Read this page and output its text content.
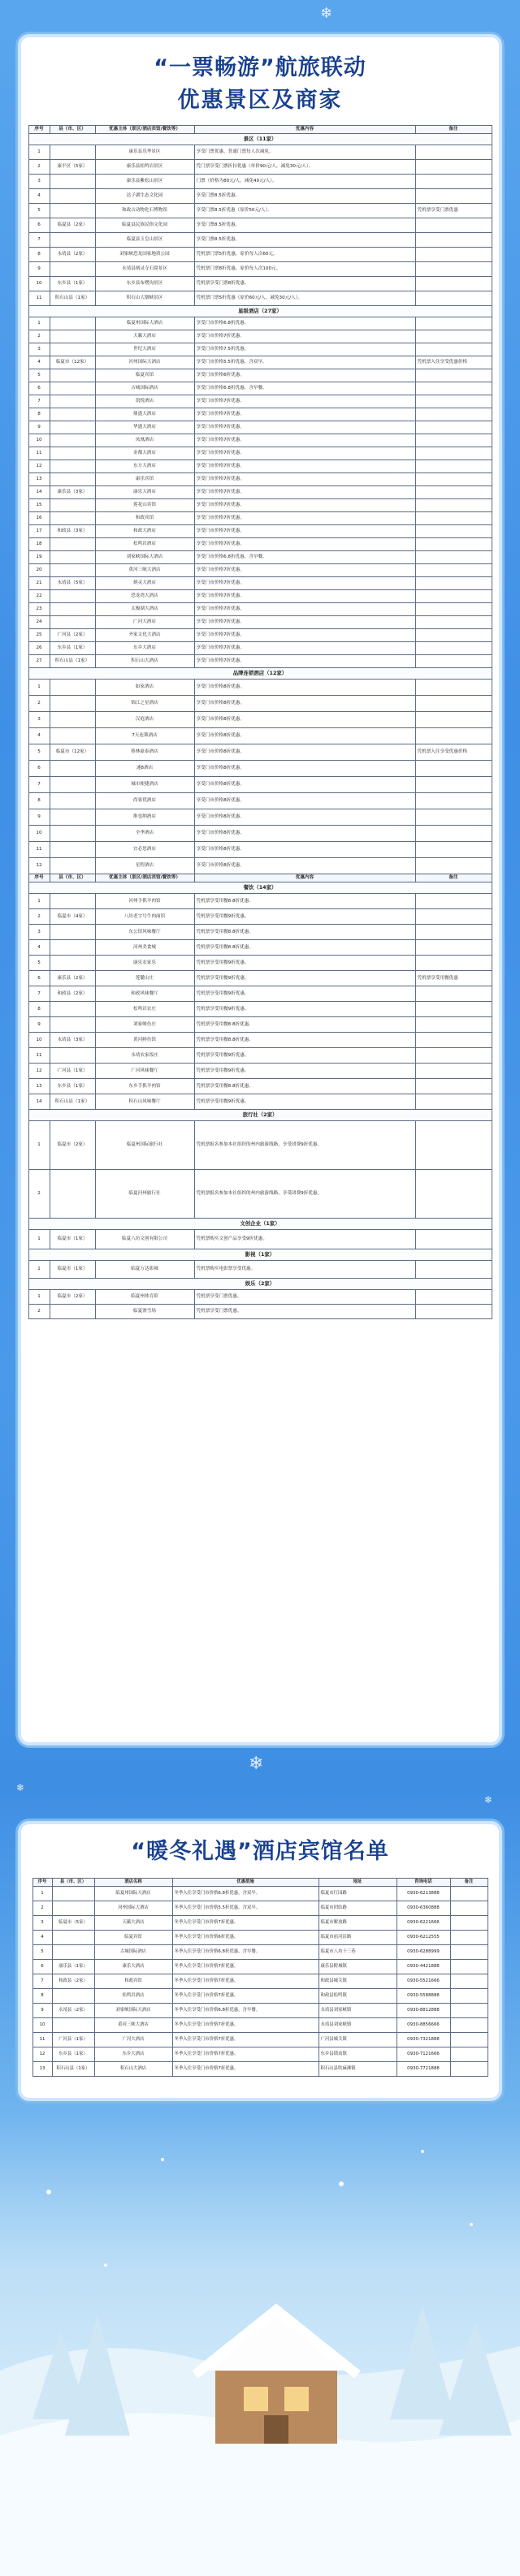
❄
❄
❄
❄
“一票畅游”航旅联动
优惠景区及商家
序号	县（市、区）	优惠主体（景区/酒店宾馆/餐饮等）	优惠内容	备注
景区（11家）				
1		康乐县乐华景区	享受门票优惠，普通门票每人次减免。	
2	康平区（5家）	康乐县松鸣岩景区	凭门票享受门票折扣优惠（单价90元/人，减免30元/人）。	
3		康乐县紫松山景区	门票（价格为80元/人，减免40元/人）。	
4		达子湖生态文化园	享受门票8.5折优惠。	
5		和政古动物化石博物馆	享受门票8.5折优惠（原价50元/人）。	凭机票享受门票优惠
6	临夏县（2家）	临夏县民族民俗文化园	享受门票8.5折优惠。	
7		临夏县玉皇山景区	享受门票8.5折优惠。	
8	永靖县（2家）	刘家峡恐龙国家地质公园	凭机票门票5折优惠，原价每人次60元。	
9		永靖县炳灵寺石窟景区	凭机票门票8折优惠，原价每人次100元。	
10	东乡县（1家）	东乡县布楞沟景区	凭机票享受门票8折优惠。	
11	积石山县（1家）	积石山大墩峡景区	凭机票门票5折优惠（原价60元/人，减免30元/人）。	
星级酒店（27家）				
1		临夏州国际大酒店	享受门市价格6.8折优惠。	
2		天籁大酒店	享受门市价格7折优惠。	
3		世纪大酒店	享受门市价格7.5折优惠。	
4	临夏市（12家）	河州国际大酒店	享受门市价格5.5折优惠，含双早。	凭机票入住享受优惠价格
5		临夏宾馆	享受门市价格6折优惠。	
6		古城国际酒店	享受门市价格6.8折优惠，含早餐。	
7		凯悦酒店	享受门市价格7折优惠。	
8		鼎盛大酒店	享受门市价格7折优惠。	
9		华盛大酒店	享受门市价格7折优惠。	
10		凤凰酒店	享受门市价格7折优惠。	
11		金都大酒店	享受门市价格7折优惠。	
12		东方大酒店	享受门市价格7折优惠。	
13		康乐宾馆	享受门市价格7折优惠。	
14	康乐县（3家）	康乐大酒店	享受门市价格7折优惠。	
15		莲花山宾馆	享受门市价格7折优惠。	
16		和政宾馆	享受门市价格7折优惠。	
17	和政县（3家）	和政大酒店	享受门市价格7折优惠。	
18		松鸣岩酒店	享受门市价格7折优惠。	
19		刘家峡国际大酒店	享受门市价格6.8折优惠，含早餐。	
20		黄河三峡大酒店	享受门市价格7折优惠。	
21	永靖县（5家）	炳灵大酒店	享受门市价格7折优惠。	
22		恐龙湾大酒店	享受门市价格7折优惠。	
23		太极湖大酒店	享受门市价格7折优惠。	
24		广河大酒店	享受门市价格7折优惠。	
25	广河县（2家）	齐家文化大酒店	享受门市价格7折优惠。	
26	东乡县（1家）	东乡大酒店	享受门市价格7折优惠。	
27	积石山县（1家）	积石山大酒店	享受门市价格7折优惠。	
品牌连锁酒店（12家）				
1		如家酒店	享受门市价格8折优惠。	
2		锦江之星酒店	享受门市价格8折优惠。	
3		汉庭酒店	享受门市价格8折优惠。	
4		7天连锁酒店	享受门市价格8折优惠。	
5	临夏市（12家）	格林豪泰酒店	享受门市价格8折优惠。	凭机票入住享受优惠价格
6		速8酒店	享受门市价格8折优惠。	
7		城市便捷酒店	享受门市价格8折优惠。	
8		尚客优酒店	享受门市价格8折优惠。	
9		维也纳酒店	享受门市价格8折优惠。	
10		全季酒店	享受门市价格8折优惠。	
11		宜必思酒店	享受门市价格8折优惠。	
12		星程酒店	享受门市价格8折优惠。	
序号	县（市、区）	优惠主体（景区/酒店宾馆/餐饮等）	优惠内容	备注
餐饮（14家）				
1		河州手抓羊肉馆	凭机票享受用餐8.8折优惠。	
2	临夏市（4家）	八坊老字号牛肉面馆	凭机票享受用餐9折优惠。	
3		东公馆风味餐厅	凭机票享受用餐8.8折优惠。	
4		河州美食城	凭机票享受用餐8.8折优惠。	
5		康乐农家乐	凭机票享受用餐9折优惠。	
6	康乐县（2家）	莲麓山庄	凭机票享受用餐9折优惠。	凭机票享受用餐优惠
7	和政县（2家）	和政风味餐厅	凭机票享受用餐9折优惠。	
8		松鸣岩农庄	凭机票享受用餐9折优惠。	
9		刘家峡鱼庄	凭机票享受用餐8.8折优惠。	
10	永靖县（3家）	黄河鲜鱼馆	凭机票享受用餐8.8折优惠。	
11		永靖农家饭庄	凭机票享受用餐9折优惠。	
12	广河县（1家）	广河风味餐厅	凭机票享受用餐9折优惠。	
13	东乡县（1家）	东乡手抓羊肉馆	凭机票享受用餐8.8折优惠。	
14	积石山县（1家）	积石山风味餐厅	凭机票享受用餐9折优惠。	
旅行社（2家）				
1	临夏市（2家）	临夏州国际旅行社	凭机票报名参加本社组织的州内旅游线路，享受团费9折优惠。	
2		临夏河州旅行社	凭机票报名参加本社组织的州内旅游线路，享受团费9折优惠。	
文创企业（1家）				
1	临夏市（1家）	临夏八坊文创有限公司	凭机票购买文创产品享受9折优惠。	
影视（1家）				
1	临夏市（1家）	临夏万达影城	凭机票购买电影票享受优惠。	
娱乐（2家）				
1	临夏市（2家）	临夏州体育馆	凭机票享受门票优惠。	
2		临夏滑雪场	凭机票享受门票优惠。	
“暖冬礼遇”酒店宾馆名单
序号	县（市、区）	酒店名称	优惠措施	地址	咨询电话	备注
1		临夏州国际大酒店	冬季入住享受门市价格6.8折优惠，含双早。	临夏市红园路	0930-6213888	
2		河州国际大酒店	冬季入住享受门市价格5.5折优惠，含双早。	临夏市团结路	0930-6360888	
3	临夏市（5家）	天籁大酒店	冬季入住享受门市价格7折优惠。	临夏市解放路	0930-6221666	
4		临夏宾馆	冬季入住享受门市价格6折优惠。	临夏市前河沿路	0930-6212555	
5		古城国际酒店	冬季入住享受门市价格6.8折优惠，含早餐。	临夏市八坊十三巷	0930-6288999	
6	康乐县（1家）	康乐大酒店	冬季入住享受门市价格7折优惠。	康乐县附城镇	0930-4421888	
7	和政县（2家）	和政宾馆	冬季入住享受门市价格7折优惠。	和政县城关镇	0930-5521666	
8		松鸣岩酒店	冬季入住享受门市价格7折优惠。	和政县松鸣镇	0930-5588888	
9	永靖县（2家）	刘家峡国际大酒店	冬季入住享受门市价格6.8折优惠，含早餐。	永靖县刘家峡镇	0930-8812888	
10		黄河三峡大酒店	冬季入住享受门市价格7折优惠。	永靖县刘家峡镇	0930-8856666	
11	广河县（1家）	广河大酒店	冬季入住享受门市价格7折优惠。	广河县城关镇	0930-7321888	
12	东乡县（1家）	东乡大酒店	冬季入住享受门市价格7折优惠。	东乡县锁南镇	0930-7121666	
13	积石山县（1家）	积石山大酒店	冬季入住享受门市价格7折优惠。	积石山县吹麻滩镇	0930-7721888	
